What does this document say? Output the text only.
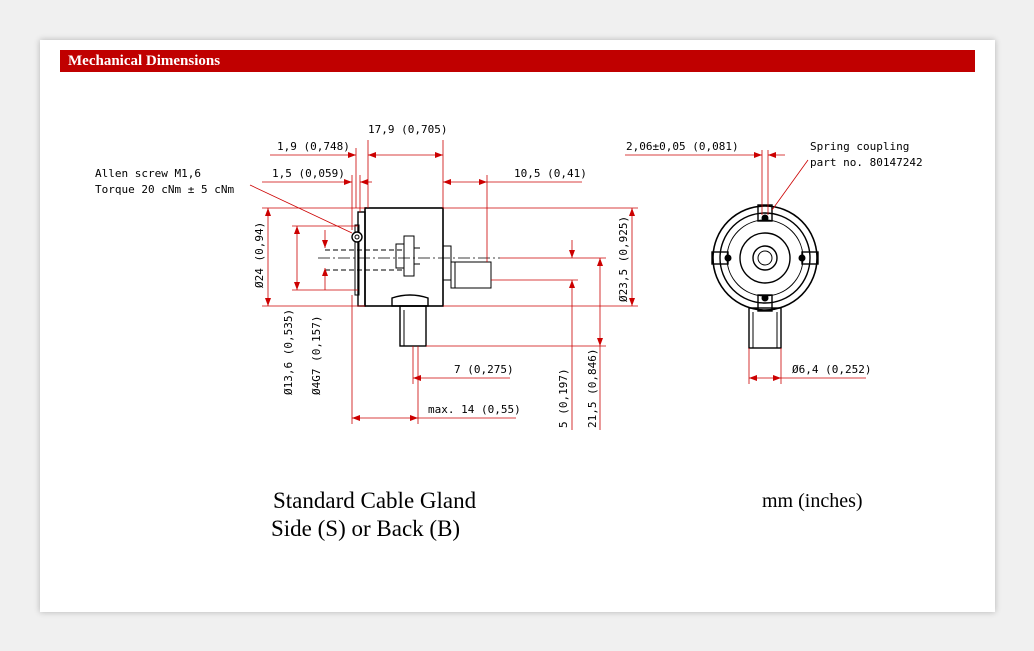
Mechanical Dimensions
Allen screw M1,6
Torque 20 cNm ± 5 cNm
17,9 (0,705)
1,9 (0,748)
1,5 (0,059)	10,5 (0,41)
Ø24 (0,94)
Ø13,6 (0,535) Ø4G7 (0,157)	7 (0,275)
max. 14 (0,55)	5 (0,197) 21,5 (0,846)
Ø23,5 (0,925)
2,06±0,05 (0,081)	Spring coupling
part no. 80147242
Ø6,4 (0,252)
Standard Cable Gland
Side (S) or Back (B)
mm (inches)
